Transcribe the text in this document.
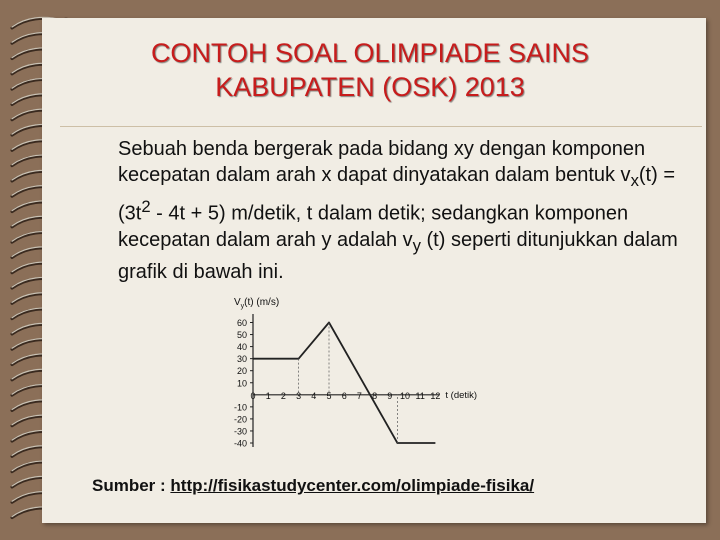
CONTOH SOAL OLIMPIADE SAINS
KABUPATEN (OSK) 2013

Sebuah benda bergerak pada bidang xy dengan komponen kecepatan dalam arah x dapat dinyatakan dalam bentuk $v_x(t) = (3t^2 - 4t + 5)$ m/detik, t dalam detik; sedangkan komponen kecepatan dalam arah y adalah $v_y$ (t) seperti ditunjukkan dalam grafik di bawah ini.

$V_y(t)$ (m/s)
60
50
40
30
20
10
-10
-20
-30
-40
0 1 2 3 4 5 6 7 8 9 10 11 12 t (detik)
Sumber : http://fisikastudycenter.com/olimpiade-fisika/
